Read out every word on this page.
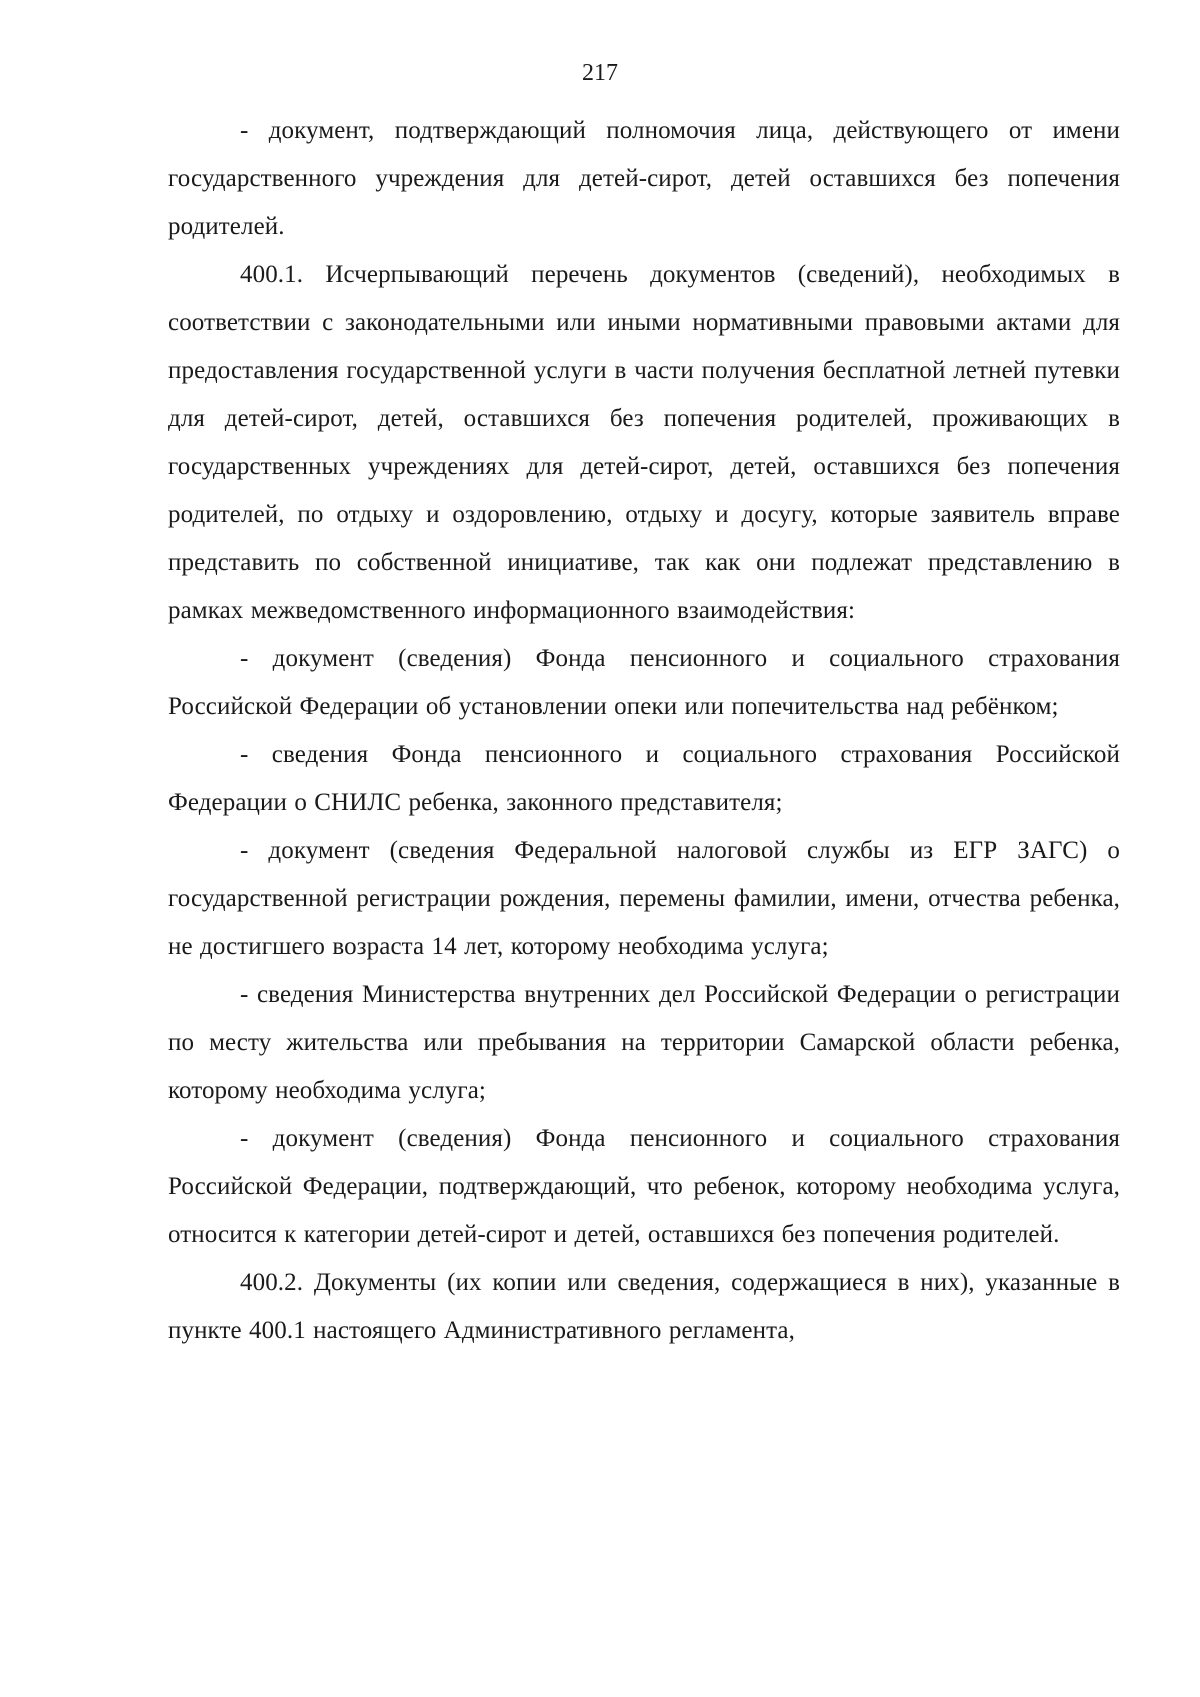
217

- документ, подтверждающий полномочия лица, действующего от имени государственного учреждения для детей-сирот, детей оставшихся без попечения родителей.

400.1. Исчерпывающий перечень документов (сведений), необходимых в соответствии с законодательными или иными нормативными правовыми актами для предоставления государственной услуги в части получения бесплатной летней путевки для детей-сирот, детей, оставшихся без попечения родителей, проживающих в государственных учреждениях для детей-сирот, детей, оставшихся без попечения родителей, по отдыху и оздоровлению, отдыху и досугу, которые заявитель вправе представить по собственной инициативе, так как они подлежат представлению в рамках межведомственного информационного взаимодействия:

- документ (сведения) Фонда пенсионного и социального страхования Российской Федерации об установлении опеки или попечительства над ребёнком;

- сведения Фонда пенсионного и социального страхования Российской Федерации о СНИЛС ребенка, законного представителя;

- документ (сведения Федеральной налоговой службы из ЕГР ЗАГС) о государственной регистрации рождения, перемены фамилии, имени, отчества ребенка, не достигшего возраста 14 лет, которому необходима услуга;

- сведения Министерства внутренних дел Российской Федерации о регистрации по месту жительства или пребывания на территории Самарской области ребенка, которому необходима услуга;

- документ (сведения) Фонда пенсионного и социального страхования Российской Федерации, подтверждающий, что ребенок, которому необходима услуга, относится к категории детей-сирот и детей, оставшихся без попечения родителей.

400.2. Документы (их копии или сведения, содержащиеся в них), указанные в пункте 400.1 настоящего Административного регламента,
